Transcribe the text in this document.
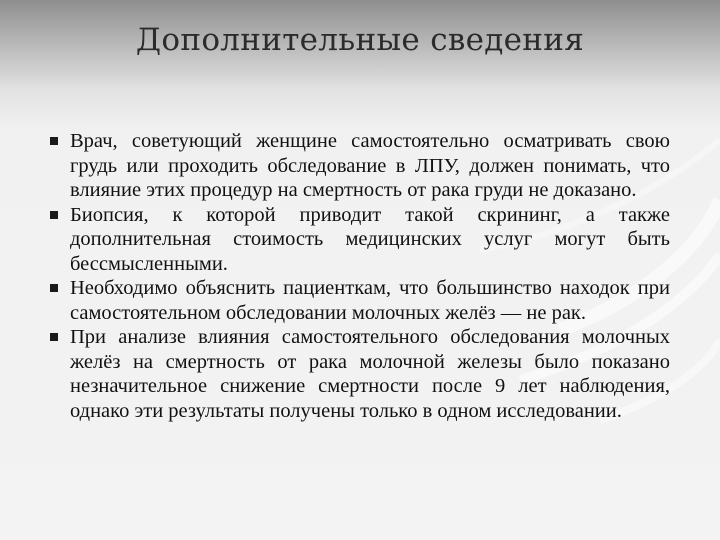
Дополнительные сведения
Врач, советующий женщине самостоятельно осматривать свою грудь или проходить обследование в ЛПУ, должен понимать, что влияние этих процедур на смертность от рака груди не доказано.
Биопсия, к которой приводит такой скрининг, а также дополнительная стоимость медицинских услуг могут быть бессмысленными.
Необходимо объяснить пациенткам, что большинство находок при самостоятельном обследовании молочных желёз — не рак.
При анализе влияния самостоятельного обследования молочных желёз на смертность от рака молочной железы было показано незначительное снижение смертности после 9 лет наблюдения, однако эти результаты получены только в одном исследовании.
